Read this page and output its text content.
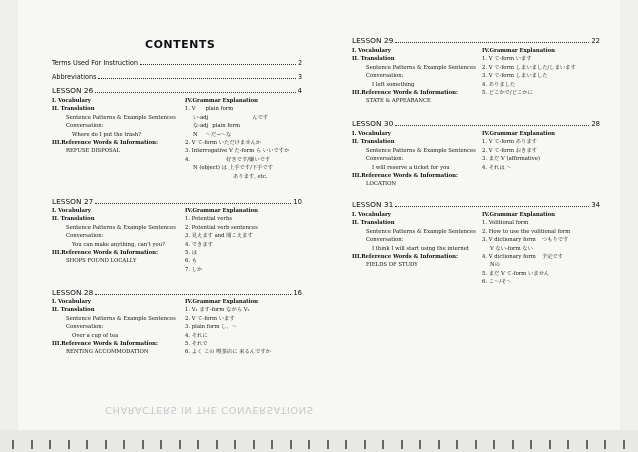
CONTENTS
Terms Used For Instruction	2
Abbreviations	3
LESSON 26	4
I. Vocabulary
II. Translation
Sentence Patterns & Example Sentences
Conversation:
Where do I put the trash?
III.Reference Words & Information:
REFUSE DISPOSAL
IV.Grammar Explanation
1. V plain form
い-adj	んです
な-adj plain form
N ～だ→～な
2. V て-form いただけませんか
3. Interrogative V た-form ら いいですか
4.	好きです/嫌いです
N (object) は 上手です/下手です
あります, etc.
LESSON 27	10
I. Vocabulary
II. Translation
Sentence Patterns & Example Sentences
Conversation:
You can make anything, can't you?
III.Reference Words & Information:
SHOPS FOUND LOCALLY
IV.Grammar Explanation
1. Potential verbs
2. Potential verb sentences
3. 見えます and 聞こえます
4. できます
5. は
6. も
7. しか
LESSON 28	16
I. Vocabulary
II. Translation
Sentence Patterns & Example Sentences
Conversation:
Over a cup of tea
III.Reference Words & Information:
RENTING ACCOMMODATION
IV.Grammar Explanation
1. V₁ ます-form ながら V₂
2. V て-form います
3. plain form し、～
4. それに
5. それで
6. よく この 喫茶店に 来るんですか
LESSON 29	22
I. Vocabulary
II. Translation
Sentence Patterns & Example Sentences
Conversation:
I left something
III.Reference Words & Information:
STATE & APPEARANCE
IV.Grammar Explanation
1. V て-form います
2. V て-form しまいました/しまいます
3. V て-form しまいました
4. ありました
5. どこかで/どこかに
LESSON 30	28
I. Vocabulary
II. Translation
Sentence Patterns & Example Sentences
Conversation:
I will reserve a ticket for you
III.Reference Words & Information:
LOCATION
IV.Grammar Explanation
1. V て-form あります
2. V て-form おきます
3. まだ V (affirmative)
4. それは ～
LESSON 31	34
I. Vocabulary
II. Translation
Sentence Patterns & Example Sentences
Conversation:
I think I will start using the internet
III.Reference Words & Information:
FIELDS OF STUDY
IV.Grammar Explanation
1. Volitional form
2. How to use the volitional form
3. V dictionary form つもりです
V ない-form ない
4. V dictionary form 予定です
Nの
5. まだ V て-form いません
6. こ～/そ～
CHARACTERS IN THE CONVERSATIONS
